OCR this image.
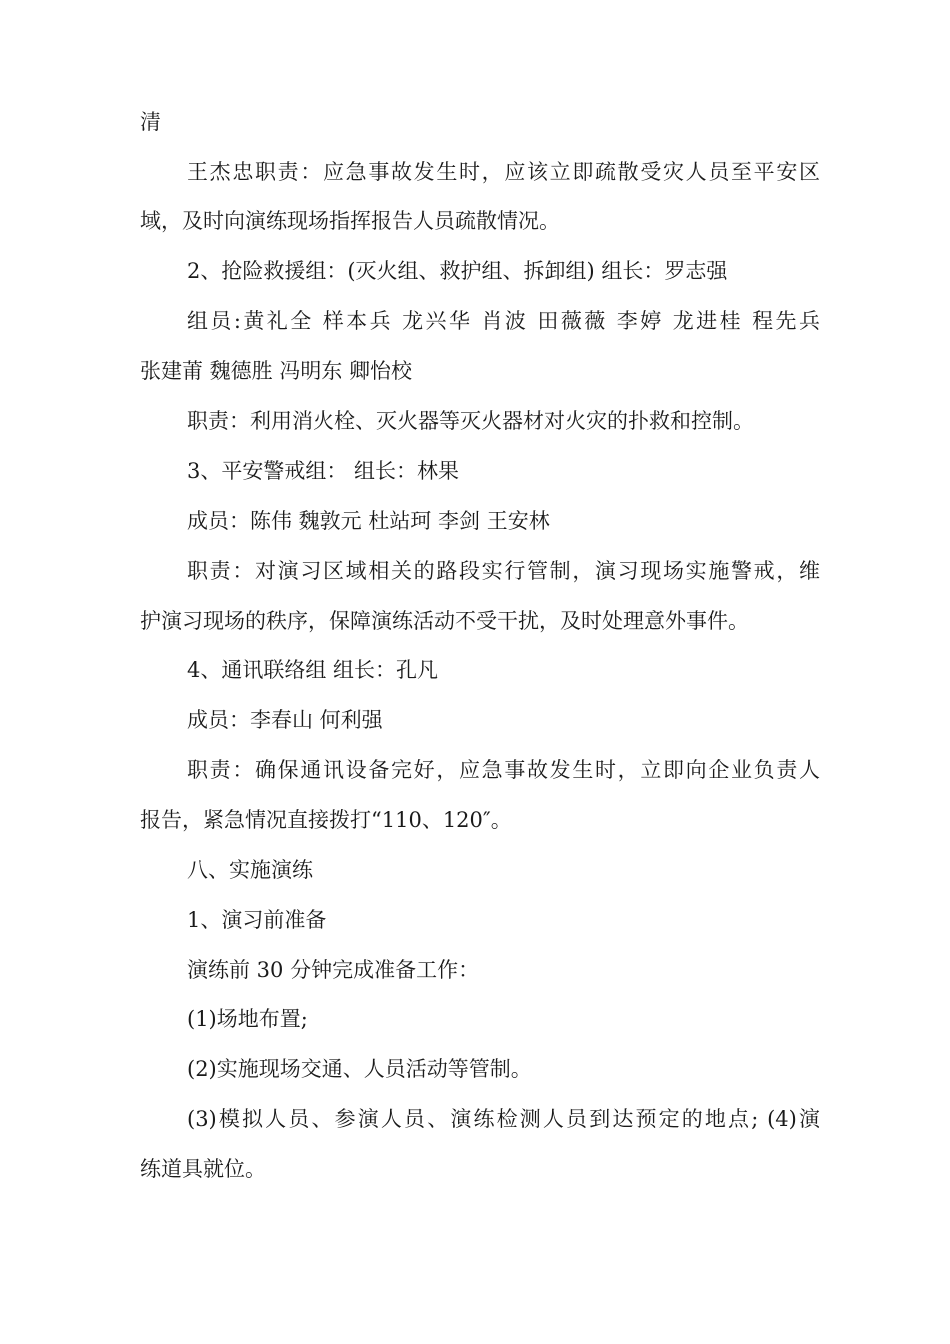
清
王杰忠职责：应急事故发生时，应该立即疏散受灾人员至平安区
域，及时向演练现场指挥报告人员疏散情况。
2、抢险救援组：(灭火组、救护组、拆卸组) 组长：罗志强
组员:黄礼全 样本兵 龙兴华 肖波 田薇薇 李婷 龙进桂 程先兵
张建莆 魏德胜 冯明东 卿怡校
职责：利用消火栓、灭火器等灭火器材对火灾的扑救和控制。
3、平安警戒组： 组长：林果
成员：陈伟 魏敦元 杜站珂 李剑 王安林
职责：对演习区域相关的路段实行管制，演习现场实施警戒，维
护演习现场的秩序，保障演练活动不受干扰，及时处理意外事件。
4、通讯联络组 组长：孔凡
成员：李春山 何利强
职责：确保通讯设备完好，应急事故发生时，立即向企业负责人
报告，紧急情况直接拨打“110、120″。
八、实施演练
1、演习前准备
演练前 30 分钟完成准备工作：
(1)场地布置;
(2)实施现场交通、人员活动等管制。
(3)模拟人员、参演人员、演练检测人员到达预定的地点; (4)演
练道具就位。
